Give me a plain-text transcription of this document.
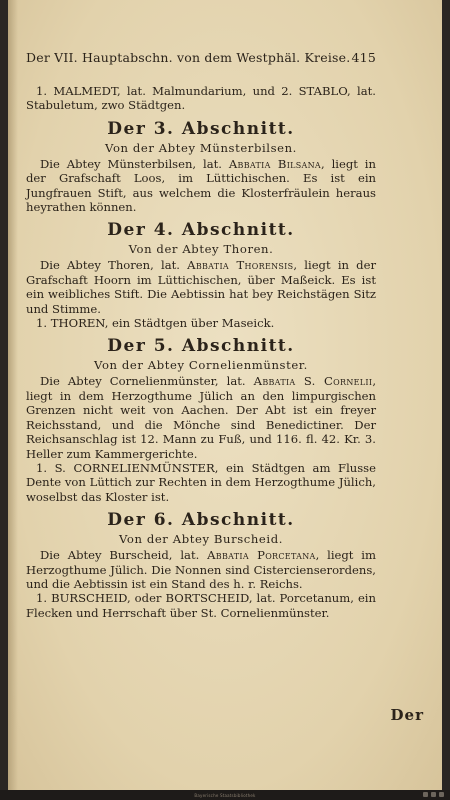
Der VII. Hauptabschn. von dem Westphäl. Kreise. 415

1. MALMEDT, lat. Malmundarium, und 2. STABLO, lat. Stabuletum, zwo Städtgen.

Der 3. Abschnitt.
Von der Abtey Münsterbilsen.

Die Abtey Münsterbilsen, lat. Abbatia Bilsana, liegt in der Grafschaft Loos, im Lüttichischen. Es ist ein Jungfrauen Stift, aus welchem die Klosterfräulein heraus heyrathen können.

Der 4. Abschnitt.
Von der Abtey Thoren.

Die Abtey Thoren, lat. Abbatia Thorensis, liegt in der Grafschaft Hoorn im Lüttichischen, über Maßeick. Es ist ein weibliches Stift. Die Aebtissin hat bey Reichstägen Sitz und Stimme.

1. THOREN, ein Städtgen über Maseick.

Der 5. Abschnitt.
Von der Abtey Cornelienmünster.

Die Abtey Cornelienmünster, lat. Abbatia S. Cornelii, liegt in dem Herzogthume Jülich an den limpurgischen Grenzen nicht weit von Aachen. Der Abt ist ein freyer Reichsstand, und die Mönche sind Benedictiner. Der Reichsanschlag ist 12. Mann zu Fuß, und 116. fl. 42. Kr. 3. Heller zum Kammergerichte.

1. S. CORNELIENMÜNSTER, ein Städtgen am Flusse Dente von Lüttich zur Rechten in dem Herzogthume Jülich, woselbst das Kloster ist.

Der 6. Abschnitt.
Von der Abtey Burscheid.

Die Abtey Burscheid, lat. Abbatia Porcetana, liegt im Herzogthume Jülich. Die Nonnen sind Cistercienserordens, und die Aebtissin ist ein Stand des h. r. Reichs.

1. BURSCHEID, oder BORTSCHEID, lat. Porcetanum, ein Flecken und Herrschaft über St. Cornelienmünster.

Der
Bayerische Staatsbibliothek
